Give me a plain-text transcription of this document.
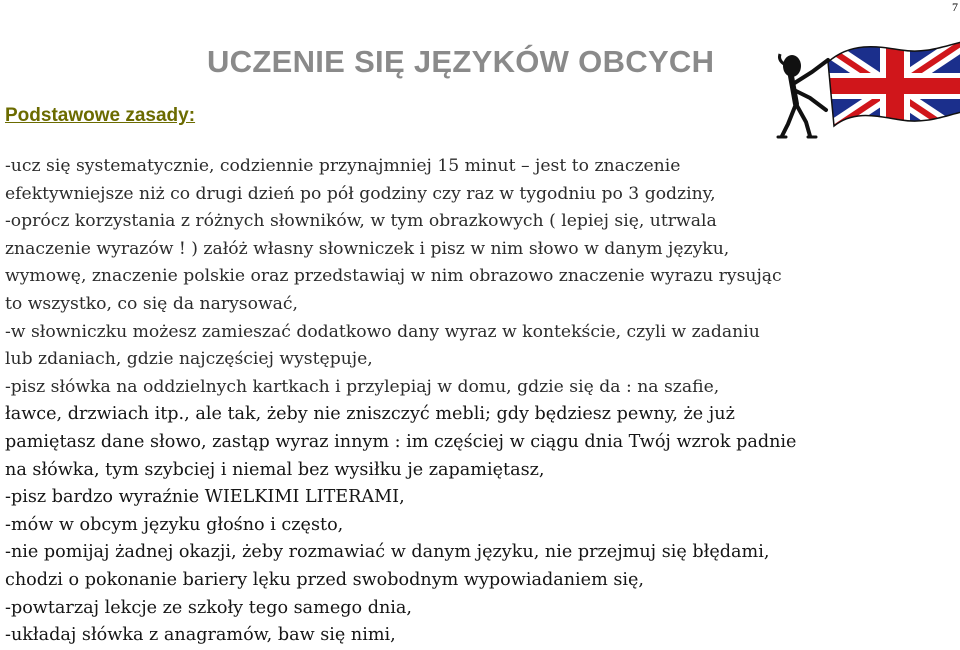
7
UCZENIE SIĘ JĘZYKÓW OBCYCH
Podstawowe zasady:
-ucz się systematycznie, codziennie przynajmniej 15 minut – jest to znaczenie
efektywniejsze niż co drugi dzień po pół godziny czy raz w tygodniu po 3 godziny,
-oprócz korzystania z różnych słowników, w tym obrazkowych ( lepiej się, utrwala
znaczenie wyrazów ! ) załóż własny słowniczek i pisz w nim słowo w danym języku,
wymowę, znaczenie polskie oraz przedstawiaj w nim obrazowo znaczenie wyrazu rysując
to wszystko, co się da narysować,
-w słowniczku możesz zamieszać dodatkowo dany wyraz w kontekście, czyli w zadaniu
lub zdaniach, gdzie najczęściej występuje,
-pisz słówka na oddzielnych kartkach i przylepiaj w domu, gdzie się da : na szafie,
ławce, drzwiach itp., ale tak, żeby nie zniszczyć mebli; gdy będziesz pewny, że już
pamiętasz dane słowo, zastąp wyraz innym : im częściej w ciągu dnia Twój wzrok padnie
na słówka, tym szybciej i niemal bez wysiłku je zapamiętasz,
-pisz bardzo wyraźnie WIELKIMI LITERAMI,
-mów w obcym języku głośno i często,
-nie pomijaj żadnej okazji, żeby rozmawiać w danym języku, nie przejmuj się błędami,
chodzi o pokonanie bariery lęku przed swobodnym wypowiadaniem się,
-powtarzaj lekcje ze szkoły tego samego dnia,
-układaj słówka z anagramów, baw się nimi,
